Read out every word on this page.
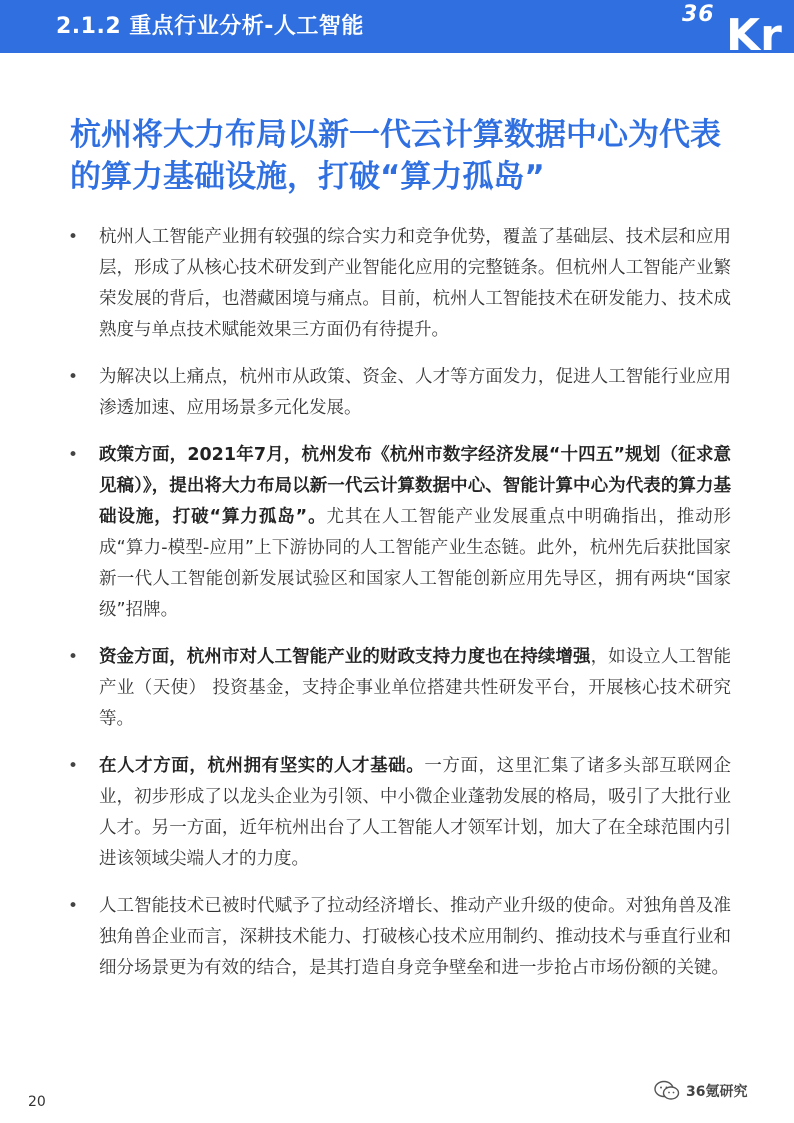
2.1.2 重点行业分析-人工智能	36 Kr
杭州将大力布局以新一代云计算数据中心为代表的算力基础设施，打破“算力孤岛”
• 杭州人工智能产业拥有较强的综合实力和竞争优势，覆盖了基础层、技术层和应用层，形成了从核心技术研发到产业智能化应用的完整链条。但杭州人工智能产业繁荣发展的背后，也潜藏困境与痛点。目前，杭州人工智能技术在研发能力、技术成熟度与单点技术赋能效果三方面仍有待提升。
• 为解决以上痛点，杭州市从政策、资金、人才等方面发力，促进人工智能行业应用渗透加速、应用场景多元化发展。
• 政策方面，2021年7月，杭州发布《杭州市数字经济发展“十四五”规划（征求意见稿）》，提出将大力布局以新一代云计算数据中心、智能计算中心为代表的算力基础设施，打破“算力孤岛”。尤其在人工智能产业发展重点中明确指出，推动形成“算力-模型-应用”上下游协同的人工智能产业生态链。此外，杭州先后获批国家新一代人工智能创新发展试验区和国家人工智能创新应用先导区，拥有两块“国家级”招牌。
• 资金方面，杭州市对人工智能产业的财政支持力度也在持续增强，如设立人工智能产业（天使） 投资基金，支持企事业单位搭建共性研发平台，开展核心技术研究等。
• 在人才方面，杭州拥有坚实的人才基础。一方面，这里汇集了诸多头部互联网企业，初步形成了以龙头企业为引领、中小微企业蓬勃发展的格局，吸引了大批行业人才。另一方面，近年杭州出台了人工智能人才领军计划，加大了在全球范围内引进该领域尖端人才的力度。
• 人工智能技术已被时代赋予了拉动经济增长、推动产业升级的使命。对独角兽及准独角兽企业而言，深耕技术能力、打破核心技术应用制约、推动技术与垂直行业和细分场景更为有效的结合，是其打造自身竞争壁垒和进一步抢占市场份额的关键。
20
36氪研究
